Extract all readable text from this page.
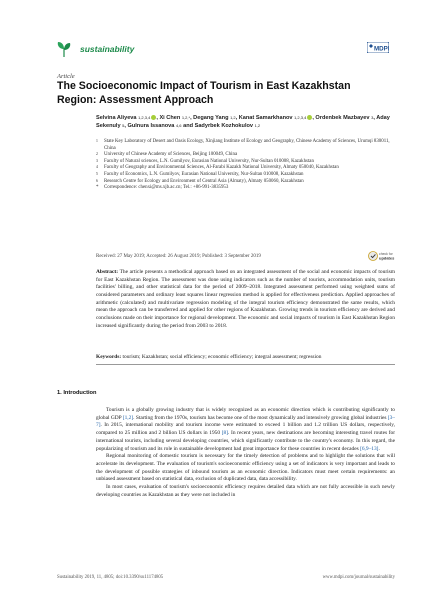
sustainability	MDPI
Article
The Socioeconomic Impact of Tourism in East Kazakhstan Region: Assessment Approach
Selvina Aliyeva $^{1,2,3,4}$ , Xi Chen $^{1,2,*}$, Degang Yang $^{1,2}$, Kanat Samarkhanov $^{1,2,3,4}$ , Ordenbek Mazbayev $^3$, Aday Sekenuly $^5$, Gulnura Issanova $^{4,6}$ and Sadyrbek Kozhokulov $^{1,2}$
1 State Key Laboratory of Desert and Oasis Ecology, Xinjiang Institute of Ecology and Geography, Chinese Academy of Sciences, Urumqi 830011, China
2 University of Chinese Academy of Sciences, Beijing 100049, China
3 Faculty of Natural sciences, L.N. Gumilyov, Eurasian National University, Nur-Sultan 010008, Kazakhstan
4 Faculty of Geography and Environmental Sciences, Al-Farabi Kazakh National University, Almaty 050040, Kazakhstan
5 Faculty of Economics, L.N. Gumilyov, Eurasian National University, Nur-Sultan 010008, Kazakhstan
6 Research Centre for Ecology and Environment of Central Asia (Almaty), Almaty 050060, Kazakhstan
* Correspondence: chenxi@ms.xjb.ac.cn; Tel.: +86-991-3835953
Received: 27 May 2019; Accepted: 26 August 2019; Published: 3 September 2019	check for
updates
Abstract: The article presents a methodical approach based on an integrated assessment of the social and economic impacts of tourism for East Kazakhstan Region. The assessment was done using indicators such as the number of tourists, accommodation units, tourism facilities' billing, and other statistical data for the period of 2009–2018. Integrated assessment performed using weighted sums of considered parameters and ordinary least squares linear regression method is applied for effectiveness prediction. Applied approaches of arithmetic (calculated) and multivariate regression modeling of the integral tourism efficiency demonstrated the same results, which mean the approach can be transferred and applied for other regions of Kazakhstan. Growing trends in tourism efficiency are derived and conclusions made on their importance for regional development. The economic and social impacts of tourism in East Kazakhstan Region increased significantly during the period from 2003 to 2018.
Keywords: tourism; Kazakhstan; social efficiency; economic efficiency; integral assessment; regression
1. Introduction

Tourism is a globally growing industry that is widely recognized as an economic direction which is contributing significantly to global GDP [1,2]. Starting from the 1970s, tourism has become one of the most dynamically and intensively growing global industries [3–7]. In 2015, international mobility and tourism income were estimated to exceed 1 billion and 1.2 trillion US dollars, respectively, compared to 25 million and 2 billion US dollars in 1950 [8]. In recent years, new destinations are becoming interesting travel routes for international tourists, including several developing countries, which significantly contribute to the country's economy. In this regard, the popularizing of tourism and its role in sustainable development had great importance for these countries in recent decades [6,9–13].

Regional monitoring of domestic tourism is necessary for the timely detection of problems and to highlight the solutions that will accelerate its development. The evaluation of tourism's socioeconomic efficiency using a set of indicators is very important and leads to the development of possible strategies of inbound tourism as an economic direction. Indicators must meet certain requirements: an unbiased assessment based on statistical data, exclusion of duplicated data, data accessibility.

In most cases, evaluation of tourism's socioeconomic efficiency requires detailed data which are not fully accessible in such newly developing countries as Kazakhstan as they were not included in

Sustainability 2019, 11, 4805; doi:10.3390/su11174805	www.mdpi.com/journal/sustainability
